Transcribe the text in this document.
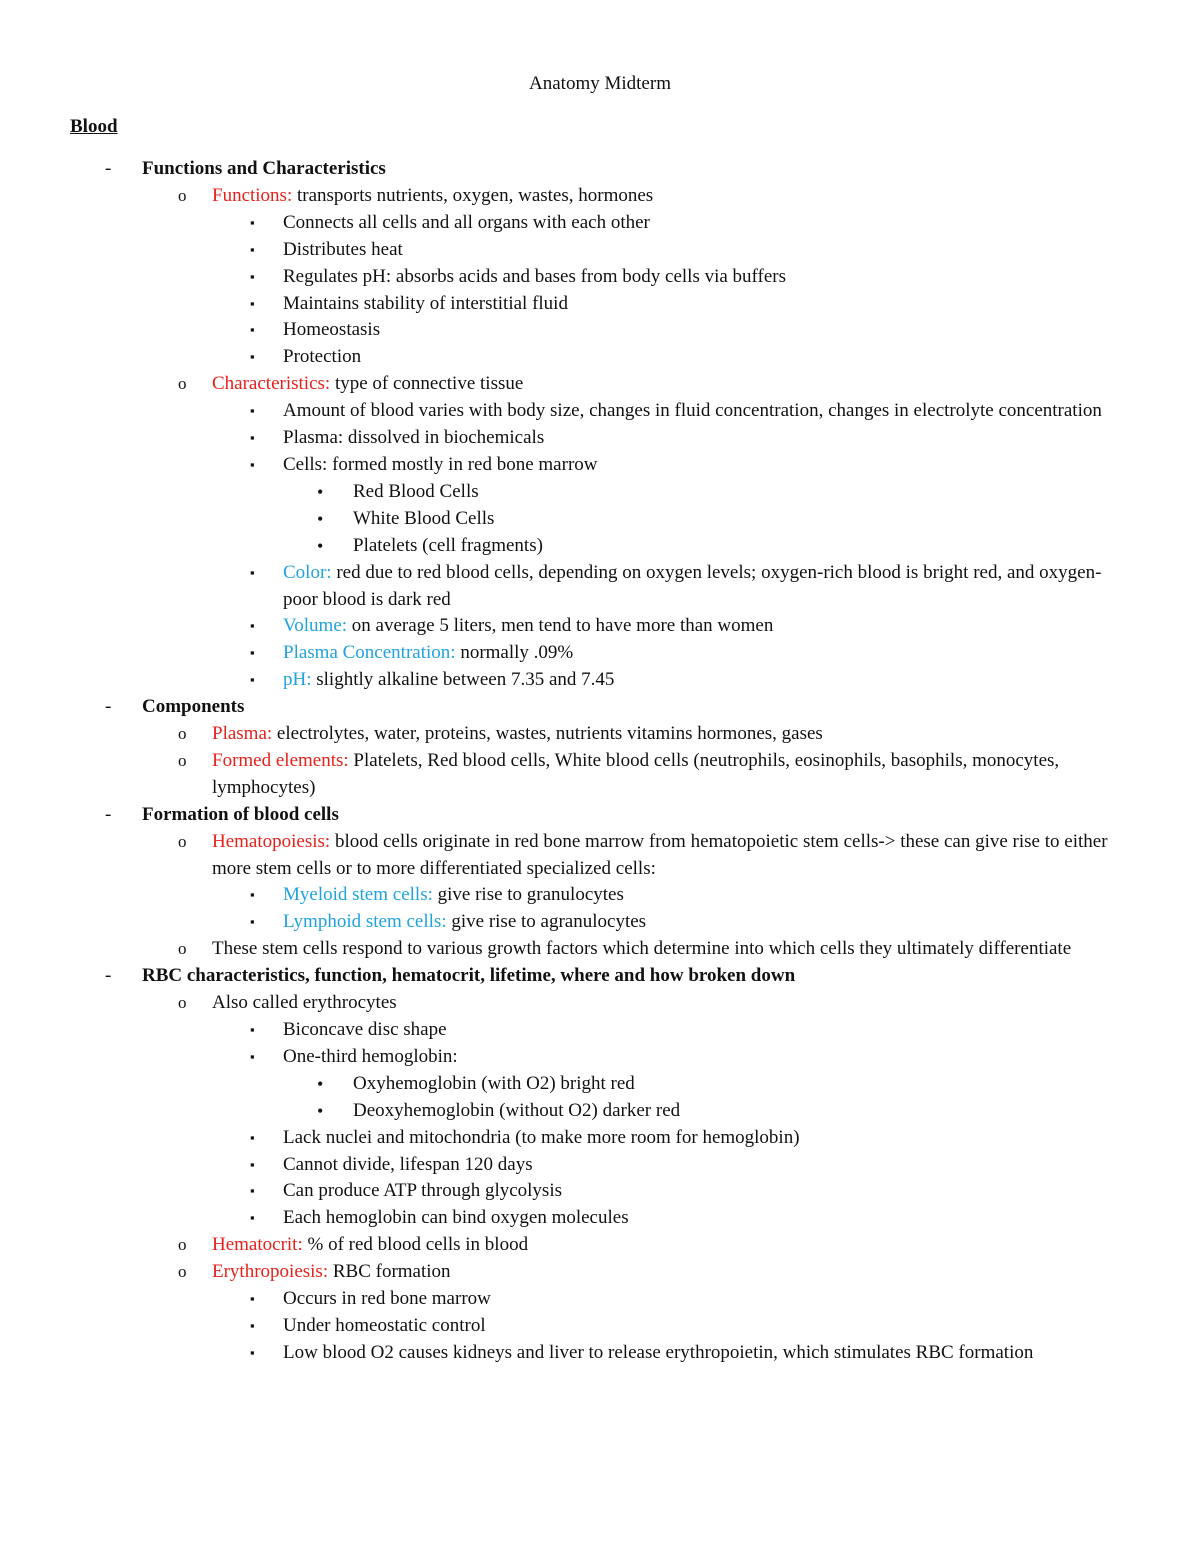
Anatomy Midterm
Blood
- Functions and Characteristics
o Functions: transports nutrients, oxygen, wastes, hormones
▪ Connects all cells and all organs with each other
▪ Distributes heat
▪ Regulates pH: absorbs acids and bases from body cells via buffers
▪ Maintains stability of interstitial fluid
▪ Homeostasis
▪ Protection
o Characteristics: type of connective tissue
▪ Amount of blood varies with body size, changes in fluid concentration, changes in electrolyte concentration
▪ Plasma: dissolved in biochemicals
▪ Cells: formed mostly in red bone marrow
• Red Blood Cells
• White Blood Cells
• Platelets (cell fragments)
▪ Color: red due to red blood cells, depending on oxygen levels; oxygen-rich blood is bright red, and oxygen-poor blood is dark red
▪ Volume: on average 5 liters, men tend to have more than women
▪ Plasma Concentration: normally .09%
▪ pH: slightly alkaline between 7.35 and 7.45
- Components
o Plasma: electrolytes, water, proteins, wastes, nutrients vitamins hormones, gases
o Formed elements: Platelets, Red blood cells, White blood cells (neutrophils, eosinophils, basophils, monocytes, lymphocytes)
- Formation of blood cells
o Hematopoiesis: blood cells originate in red bone marrow from hematopoietic stem cells-> these can give rise to either more stem cells or to more differentiated specialized cells:
▪ Myeloid stem cells: give rise to granulocytes
▪ Lymphoid stem cells: give rise to agranulocytes
o These stem cells respond to various growth factors which determine into which cells they ultimately differentiate
- RBC characteristics, function, hematocrit, lifetime, where and how broken down
o Also called erythrocytes
▪ Biconcave disc shape
▪ One-third hemoglobin:
• Oxyhemoglobin (with O2) bright red
• Deoxyhemoglobin (without O2) darker red
▪ Lack nuclei and mitochondria (to make more room for hemoglobin)
▪ Cannot divide, lifespan 120 days
▪ Can produce ATP through glycolysis
▪ Each hemoglobin can bind oxygen molecules
o Hematocrit: % of red blood cells in blood
o Erythropoiesis: RBC formation
▪ Occurs in red bone marrow
▪ Under homeostatic control
▪ Low blood O2 causes kidneys and liver to release erythropoietin, which stimulates RBC formation
